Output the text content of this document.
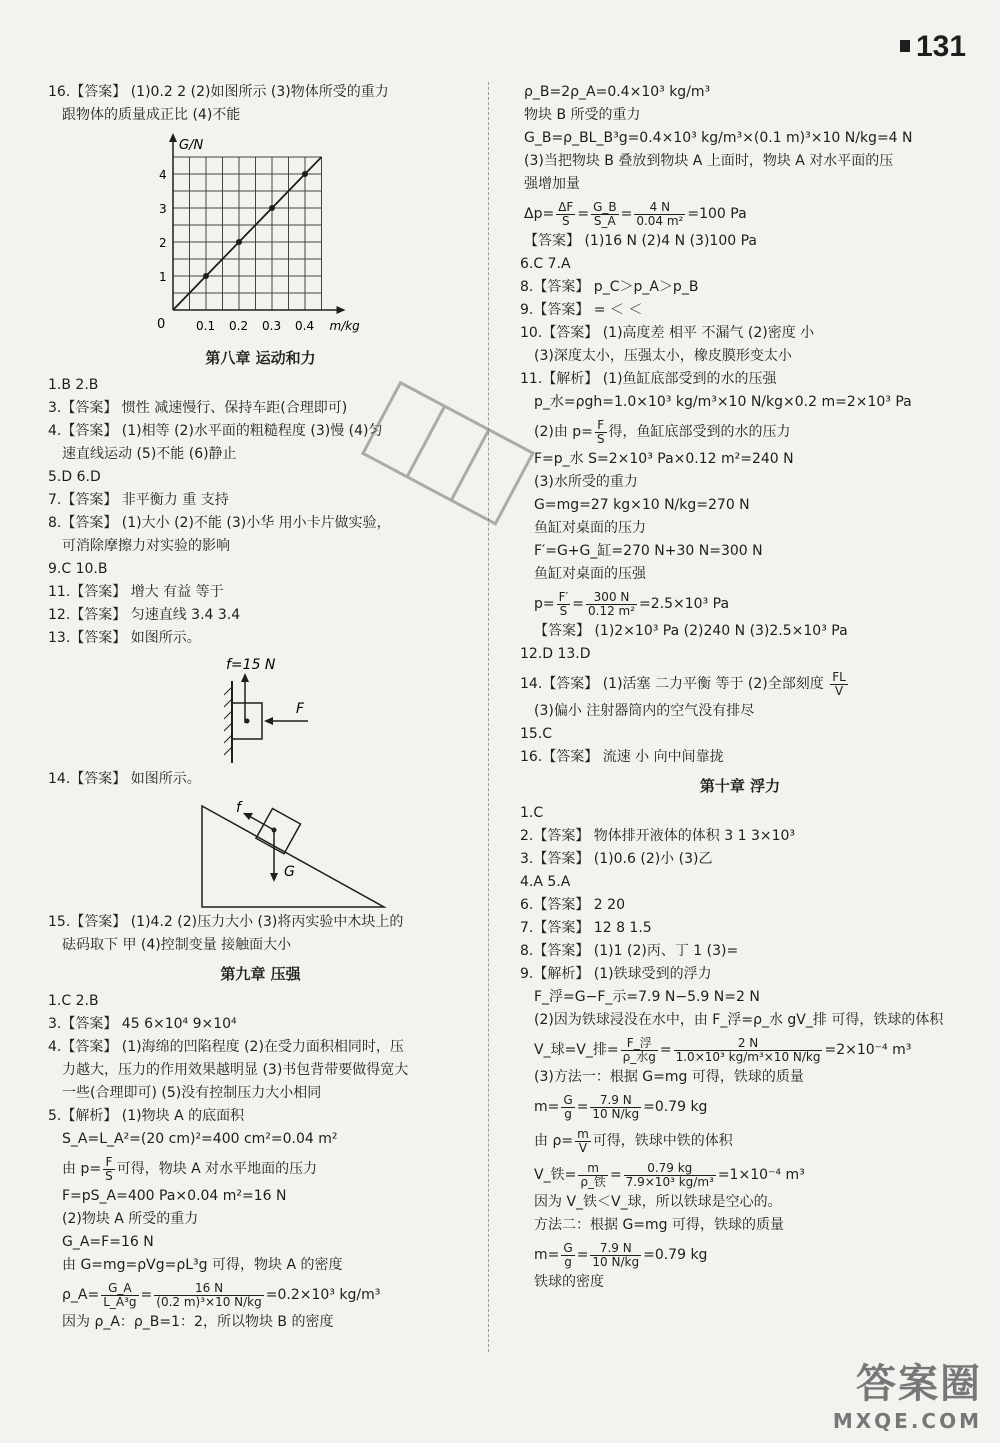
131
16.【答案】 (1)0.2 2 (2)如图所示 (3)物体所受的重力
跟物体的质量成正比 (4)不能
G/N
m/kg
0	0.1 0.2 0.3 0.4
1
2
3
4
第八章 运动和力
1.B 2.B
3.【答案】 惯性 减速慢行、保持车距(合理即可)
4.【答案】 (1)相等 (2)水平面的粗糙程度 (3)慢 (4)匀
速直线运动 (5)不能 (6)静止
5.D 6.D
7.【答案】 非平衡力 重 支持
8.【答案】 (1)大小 (2)不能 (3)小华 用小卡片做实验，
可消除摩擦力对实验的影响
9.C 10.B
11.【答案】 增大 有益 等于
12.【答案】 匀速直线 3.4 3.4
13.【答案】 如图所示。
f=15 N
F
14.【答案】 如图所示。
f
G
15.【答案】 (1)4.2 (2)压力大小 (3)将丙实验中木块上的
砝码取下 甲 (4)控制变量 接触面大小
第九章 压强
1.C 2.B
3.【答案】 45 6×10⁴ 9×10⁴
4.【答案】 (1)海绵的凹陷程度 (2)在受力面积相同时，压
力越大，压力的作用效果越明显 (3)书包背带要做得宽大
一些(合理即可) (5)没有控制压力大小相同
5.【解析】 (1)物块 A 的底面积
S_A=L_A²=(20 cm)²=400 cm²=0.04 m²
由 $p= \frac{F}{S}$ 可得，物块 A 对水平地面的压力
F=pS_A=400 Pa×0.04 m²=16 N
(2)物块 A 所受的重力
G_A=F=16 N
由 G=mg=ρVg=ρL³g 可得，物块 A 的密度
ρ_A= $\frac{G\_A}{\text{L\_A³g}} = \frac{16 N}{\text{(0.2 m)³×10 N/kg}} =0.2\times 10^3$ kg/m³
因为 ρ_A：ρ_B=1：2，所以物块 B 的密度
ρ_B=2ρ_A=0.4×10³ kg/m³
物块 B 所受的重力
G_B=ρ_BL_B³g=0.4×10³ kg/m³×(0.1 m)³×10 N/kg=4 N
(3)当把物块 B 叠放到物块 A 上面时，物块 A 对水平面的压
强增加量
$\Delta p= \frac{\Delta F}{S} = \frac{G\_B}{S\_A} = \frac{4 N}{\text{0.04 m²}} =100$ Pa
【答案】 (1)16 N (2)4 N (3)100 Pa
6.C 7.A
8.【答案】 p_C＞p_A＞p_B
9.【答案】 = ＜ ＜
10.【答案】 (1)高度差 相平 不漏气 (2)密度 小
(3)深度太小，压强太小，橡皮膜形变太小
11.【解析】 (1)鱼缸底部受到的水的压强
p_水=ρgh=1.0×10³ kg/m³×10 N/kg×0.2 m=2×10³ Pa
(2)由 $p= \frac{F}{S}$ 得，鱼缸底部受到的水的压力
F=p_水 S=2×10³ Pa×0.12 m²=240 N
(3)水所受的重力
G=mg=27 kg×10 N/kg=270 N
鱼缸对桌面的压力
F′=G+G_缸=270 N+30 N=300 N
鱼缸对桌面的压强
$p= \frac{F'}{S} = \frac{300 N}{\text{0.12 m²}} =2.5\times 10^3$ Pa
【答案】 (1)2×10³ Pa (2)240 N (3)2.5×10³ Pa
12.D 13.D
14.【答案】 (1)活塞 二力平衡 等于 (2)全部刻度 $\frac{FL}{V}$
(3)偏小 注射器筒内的空气没有排尽
15.C
16.【答案】 流速 小 向中间靠拢
第十章 浮力
1.C
2.【答案】 物体排开液体的体积 3 1 3×10³
3.【答案】 (1)0.6 (2)小 (3)乙
4.A 5.A
6.【答案】 2 20
7.【答案】 12 8 1.5
8.【答案】 (1)1 (2)丙、丁 1 (3)=
9.【解析】 (1)铁球受到的浮力
F_浮=G−F_示=7.9 N−5.9 N=2 N
(2)因为铁球浸没在水中，由 F_浮=ρ_水 gV_排 可得，铁球的体积
V_球=V_排= $\frac{\text{F\_浮}}{\text{ρ\_水g}} = \frac{2 N}{\text{1.0×10³ kg/m³×10 N/kg}} =2\times 10^{-4}$ m³
(3)方法一：根据 G=mg 可得，铁球的质量
$m= \frac{G}{g} = \frac{7.9 N}{10 N/kg} =0.79$ kg
由 $\rho= \frac{m}{V}$ 可得，铁球中铁的体积
V_铁= $\frac{m}{\text{ρ\_铁}} = \frac{0.79 kg}{\text{7.9×10³ kg/m³}} =1\times 10^{-4}$ m³
因为 V_铁＜V_球，所以铁球是空心的。
方法二：根据 G=mg 可得，铁球的质量
$m= \frac{G}{g} = \frac{7.9 N}{10 N/kg} =0.79$ kg
铁球的密度
答案圈
MXQE.COM
